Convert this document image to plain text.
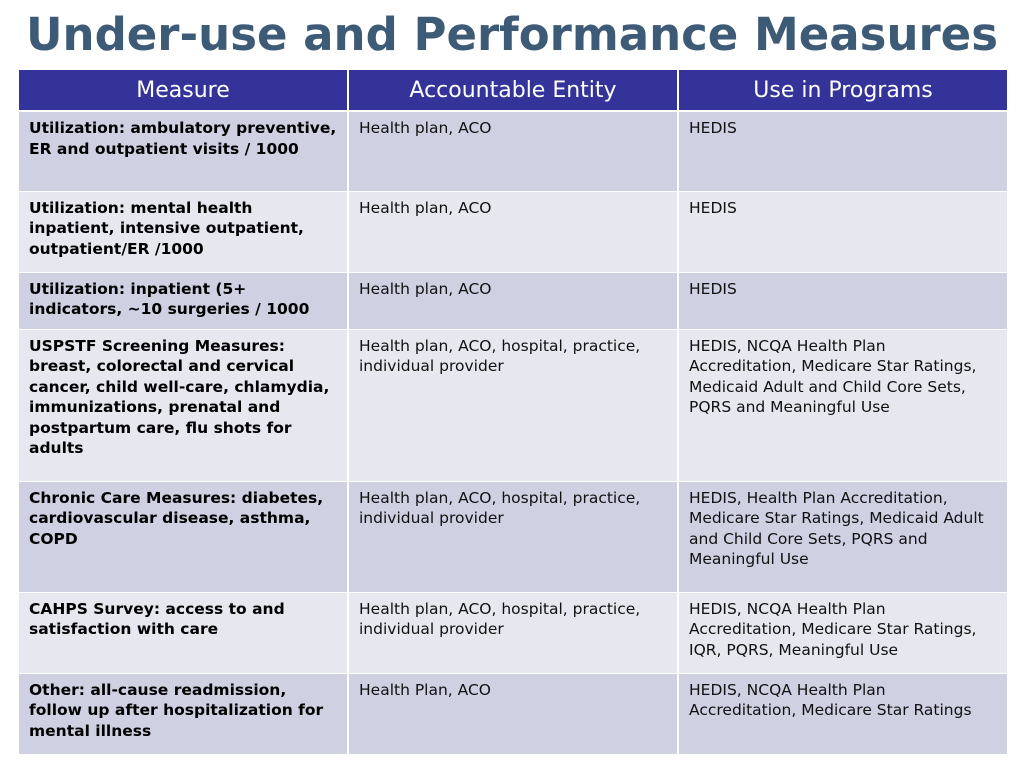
Under-use and Performance Measures
Measure	Accountable Entity	Use in Programs
Utilization: ambulatory preventive, ER and outpatient visits / 1000	Health plan, ACO	HEDIS
Utilization: mental health inpatient, intensive outpatient, outpatient/ER /1000	Health plan, ACO	HEDIS
Utilization: inpatient (5+ indicators, ~10 surgeries / 1000	Health plan, ACO	HEDIS
USPSTF Screening Measures: breast, colorectal and cervical cancer, child well-care, chlamydia, immunizations, prenatal and postpartum care, flu shots for adults	Health plan, ACO, hospital, practice, individual provider	HEDIS, NCQA Health Plan Accreditation, Medicare Star Ratings, Medicaid Adult and Child Core Sets, PQRS and Meaningful Use
Chronic Care Measures: diabetes, cardiovascular disease, asthma, COPD	Health plan, ACO, hospital, practice, individual provider	HEDIS, Health Plan Accreditation, Medicare Star Ratings, Medicaid Adult and Child Core Sets, PQRS and Meaningful Use
CAHPS Survey: access to and satisfaction with care	Health plan, ACO, hospital, practice, individual provider	HEDIS, NCQA Health Plan Accreditation, Medicare Star Ratings, IQR, PQRS, Meaningful Use
Other: all-cause readmission, follow up after hospitalization for mental illness	Health Plan, ACO	HEDIS, NCQA Health Plan Accreditation, Medicare Star Ratings
